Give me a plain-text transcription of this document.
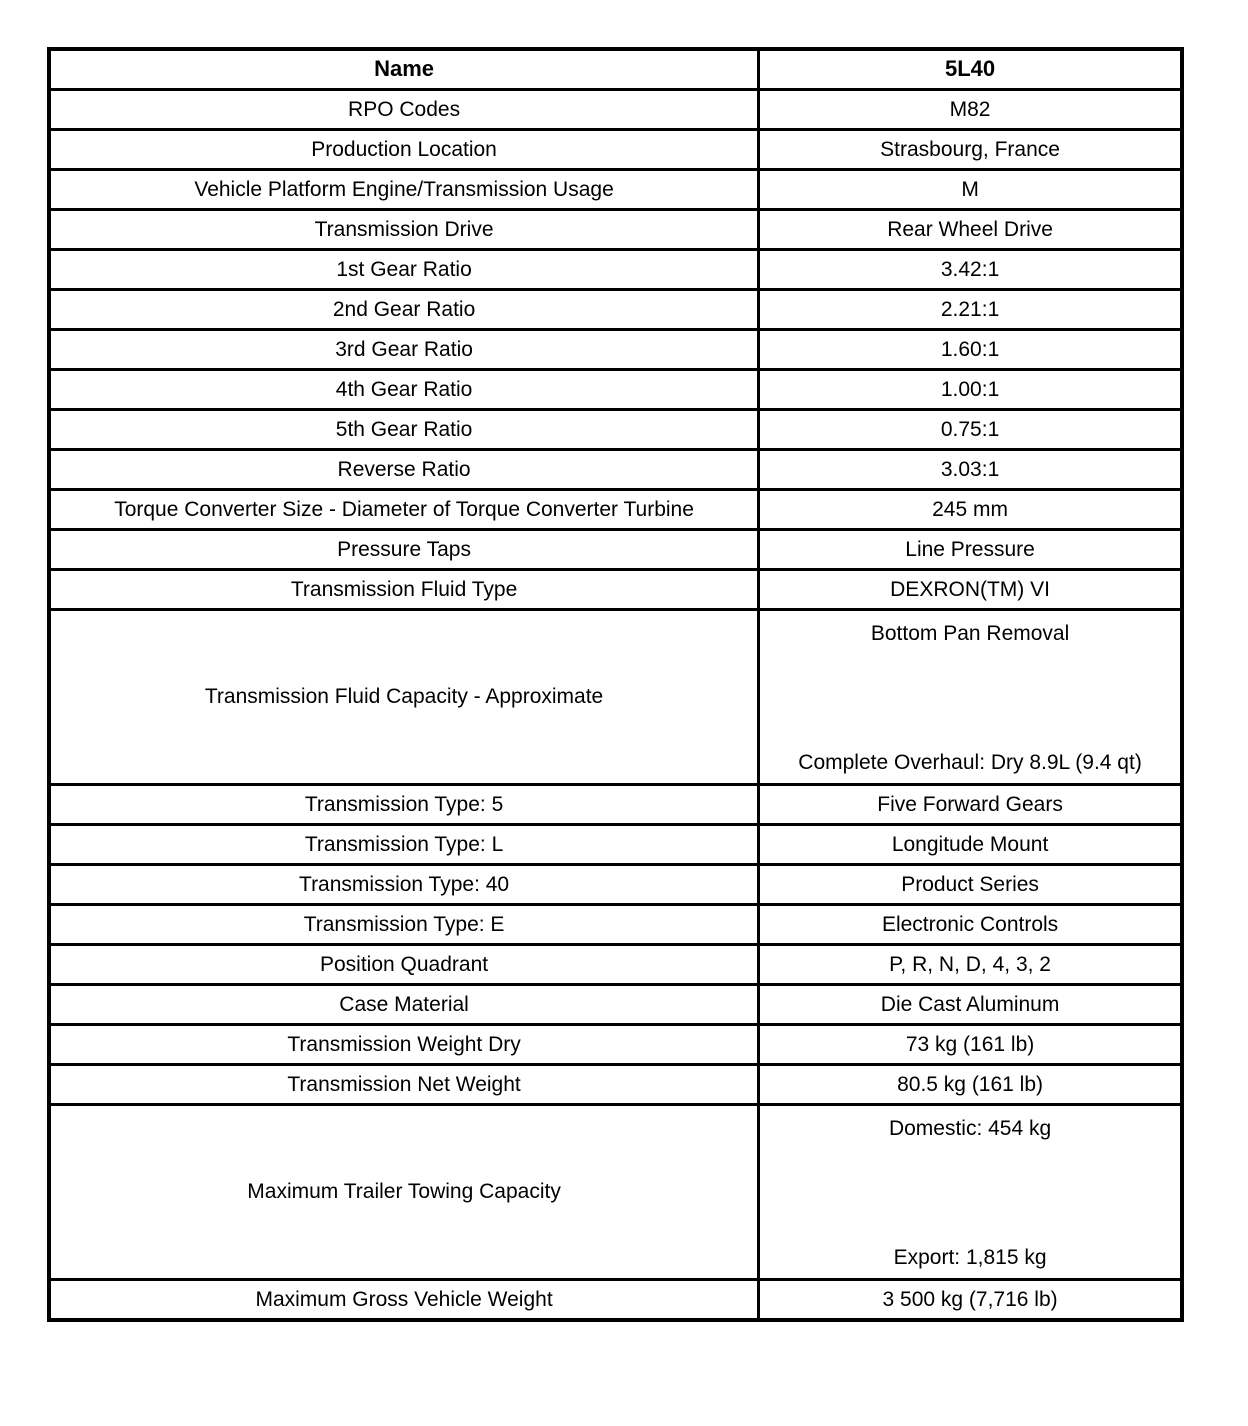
Name	5L40
RPO Codes	M82
Production Location	Strasbourg, France
Vehicle Platform Engine/Transmission Usage	M
Transmission Drive	Rear Wheel Drive
1st Gear Ratio	3.42:1
2nd Gear Ratio	2.21:1
3rd Gear Ratio	1.60:1
4th Gear Ratio	1.00:1
5th Gear Ratio	0.75:1
Reverse Ratio	3.03:1
Torque Converter Size - Diameter of Torque Converter Turbine	245 mm
Pressure Taps	Line Pressure
Transmission Fluid Type	DEXRON(TM) VI
Transmission Fluid Capacity - Approximate	Bottom Pan Removal
Complete Overhaul: Dry 8.9L (9.4 qt)

Transmission Type: 5	Five Forward Gears
Transmission Type: L	Longitude Mount
Transmission Type: 40	Product Series
Transmission Type: E	Electronic Controls
Position Quadrant	P, R, N, D, 4, 3, 2
Case Material	Die Cast Aluminum
Transmission Weight Dry	73 kg (161 lb)
Transmission Net Weight	80.5 kg (161 lb)
Maximum Trailer Towing Capacity	Domestic: 454 kg
Export: 1,815 kg

Maximum Gross Vehicle Weight	3 500 kg (7,716 lb)
